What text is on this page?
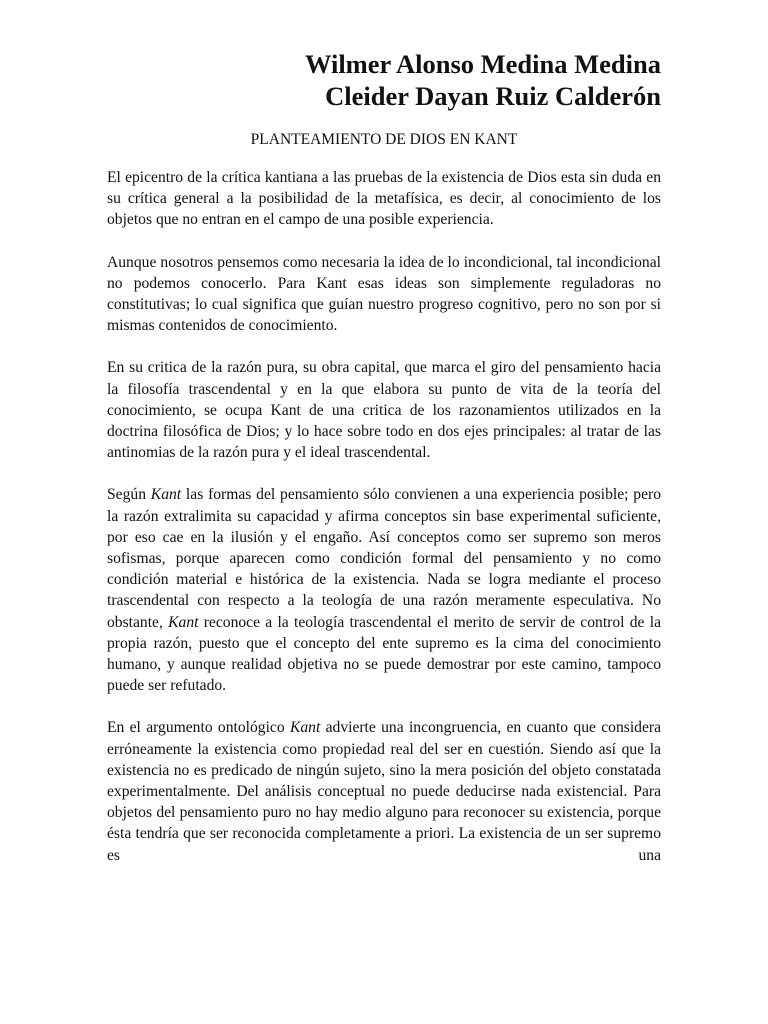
Wilmer Alonso Medina Medina
Cleider Dayan Ruiz Calderón
PLANTEAMIENTO DE DIOS EN KANT

El epicentro de la crítica kantiana a las pruebas de la existencia de Dios esta sin duda en su crítica general a la posibilidad de la metafísica, es decir, al conocimiento de los objetos que no entran en el campo de una posible experiencia.

Aunque nosotros pensemos como necesaria la idea de lo incondicional, tal incondicional no podemos conocerlo. Para Kant esas ideas son simplemente reguladoras no constitutivas; lo cual significa que guían nuestro progreso cognitivo, pero no son por si mismas contenidos de conocimiento.

En su critica de la razón pura, su obra capital, que marca el giro del pensamiento hacia la filosofía trascendental y en la que elabora su punto de vita de la teoría del conocimiento, se ocupa Kant de una critica de los razonamientos utilizados en la doctrina filosófica de Dios; y lo hace sobre todo en dos ejes principales: al tratar de las antinomias de la razón pura y el ideal trascendental.

Según Kant las formas del pensamiento sólo convienen a una experiencia posible; pero la razón extralimita su capacidad y afirma conceptos sin base experimental suficiente, por eso cae en la ilusión y el engaño. Así conceptos como ser supremo son meros sofismas, porque aparecen como condición formal del pensamiento y no como condición material e histórica de la existencia. Nada se logra mediante el proceso trascendental con respecto a la teología de una razón meramente especulativa. No obstante, Kant reconoce a la teología trascendental el merito de servir de control de la propia razón, puesto que el concepto del ente supremo es la cima del conocimiento humano, y aunque realidad objetiva no se puede demostrar por este camino, tampoco puede ser refutado.

En el argumento ontológico Kant advierte una incongruencia, en cuanto que considera erróneamente la existencia como propiedad real del ser en cuestión. Siendo así que la existencia no es predicado de ningún sujeto, sino la mera posición del objeto constatada experimentalmente. Del análisis conceptual no puede deducirse nada existencial. Para objetos del pensamiento puro no hay medio alguno para reconocer su existencia, porque ésta tendría que ser reconocida completamente a priori. La existencia de un ser supremo es una
